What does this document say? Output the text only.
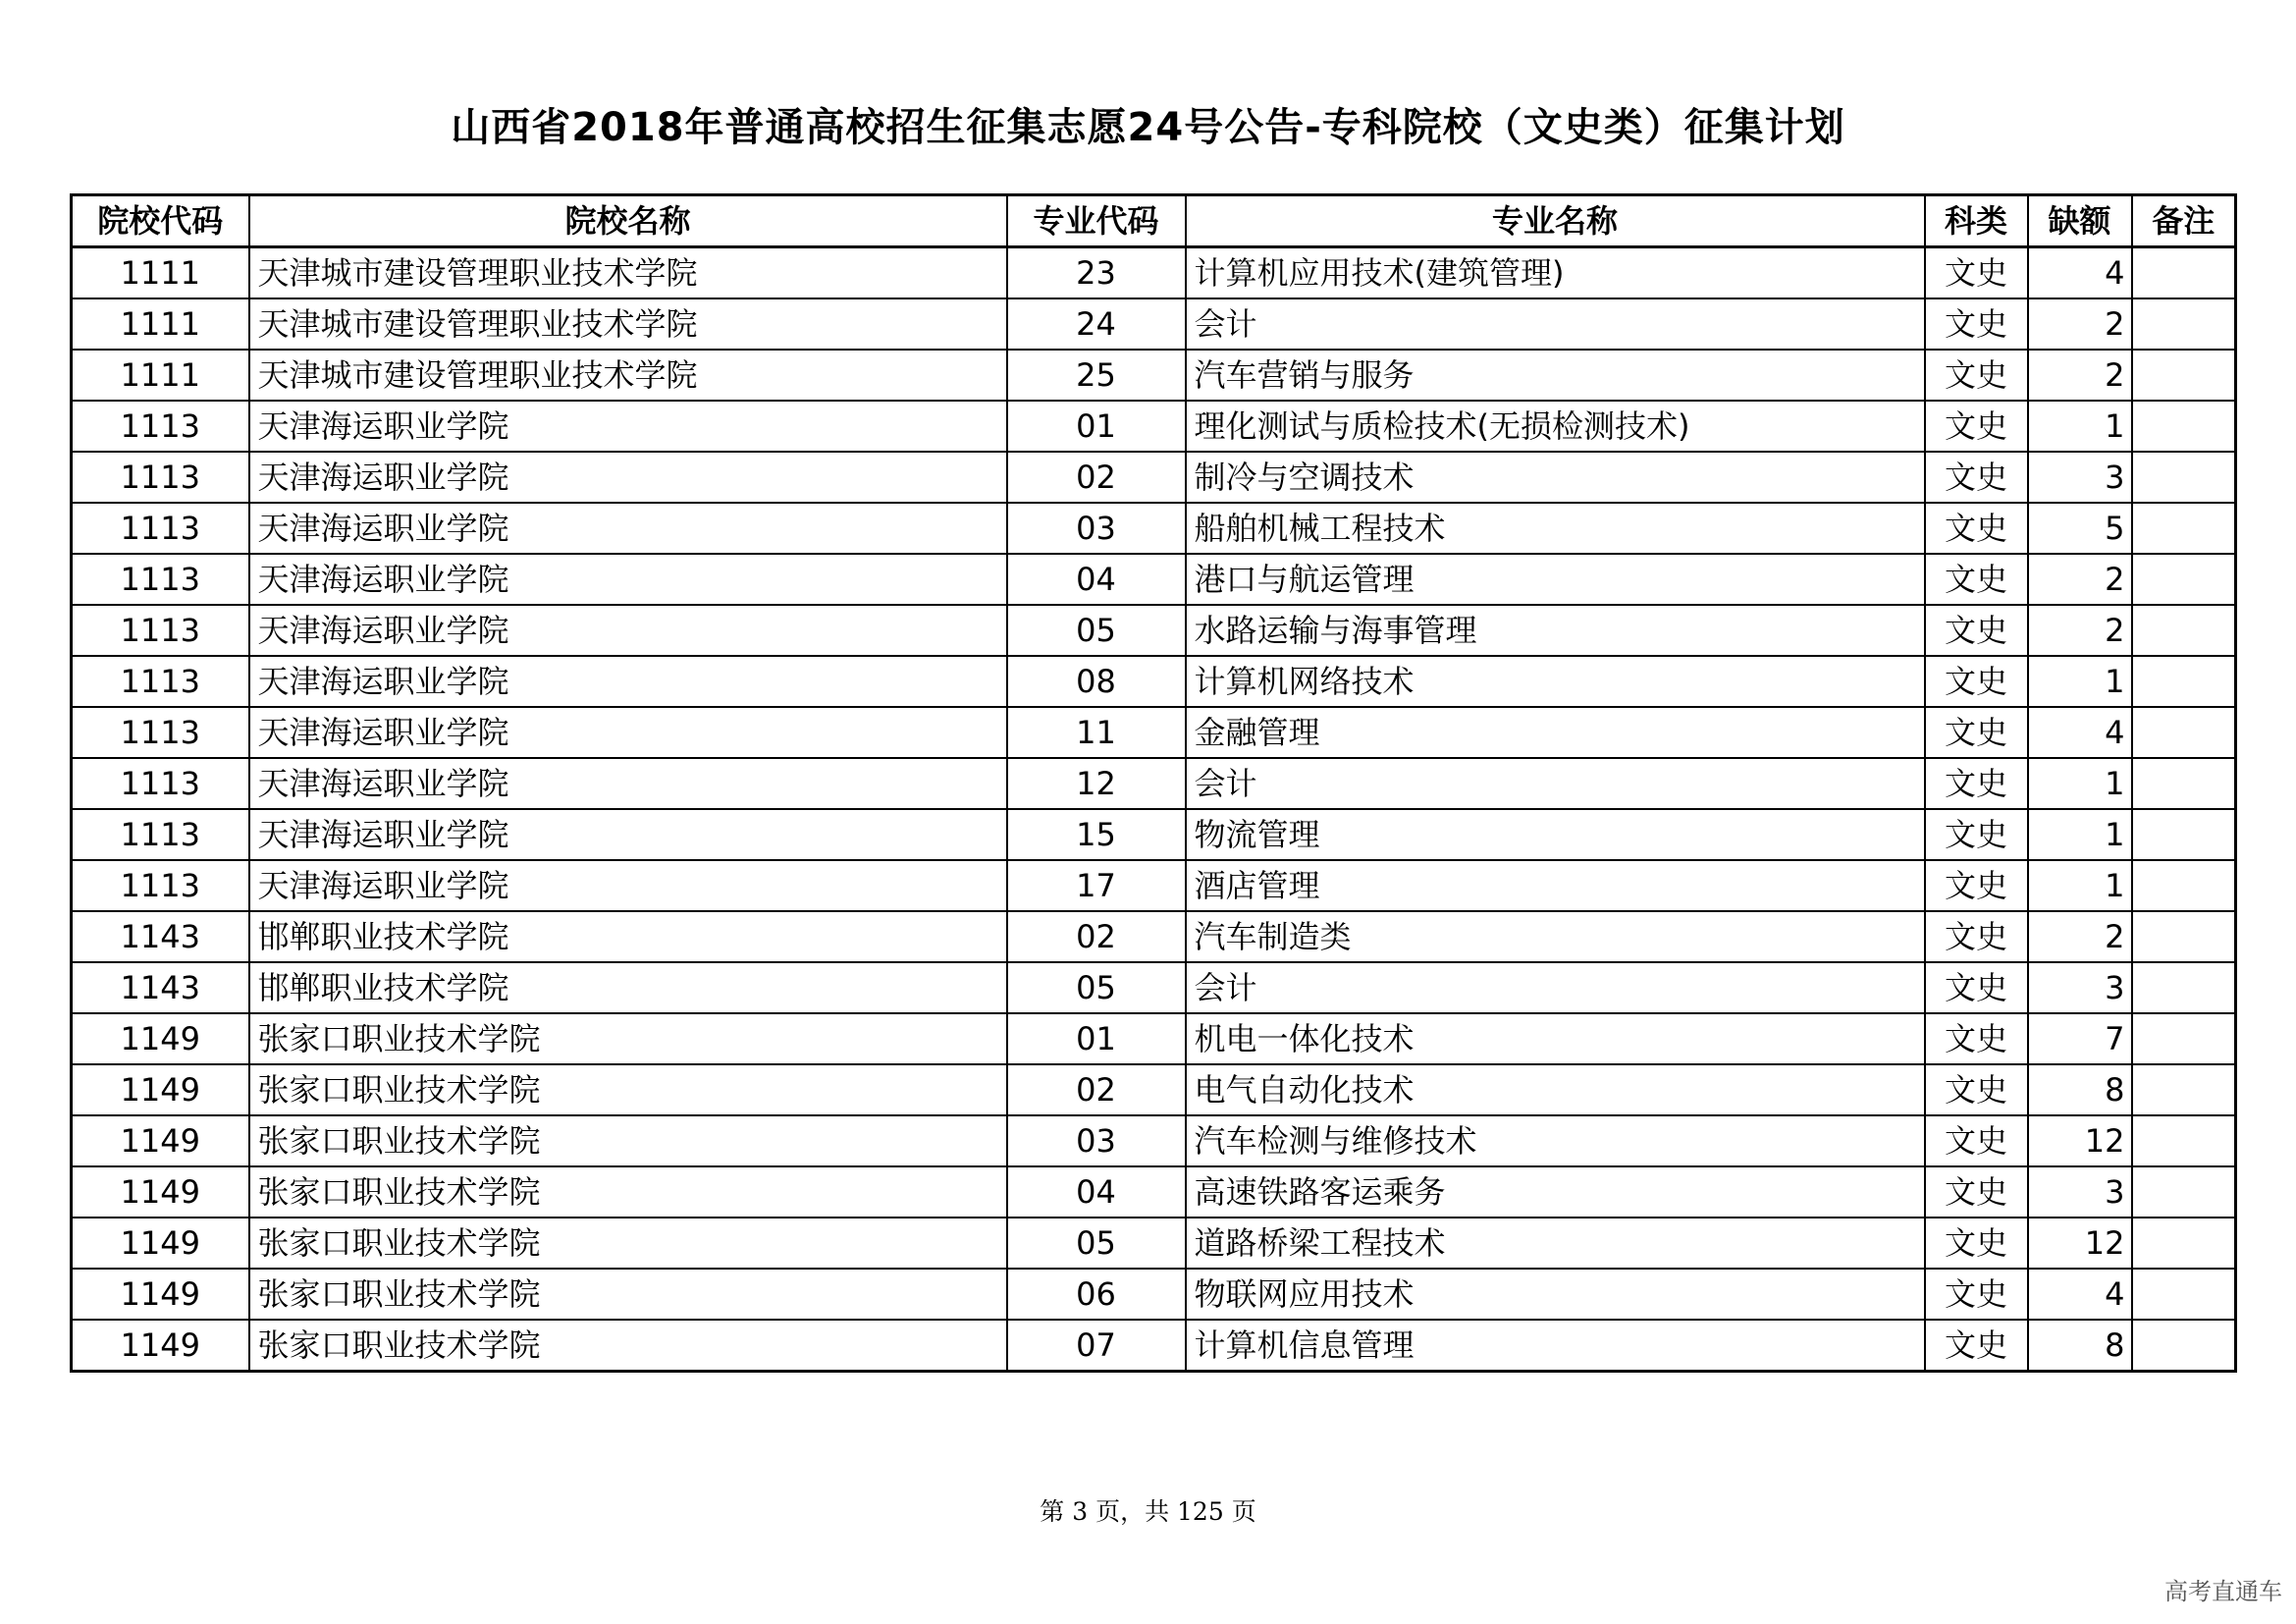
山西省2018年普通高校招生征集志愿24号公告-专科院校（文史类）征集计划
院校代码	院校名称	专业代码	专业名称	科类	缺额	备注
1111	天津城市建设管理职业技术学院	23	计算机应用技术(建筑管理)	文史	4	
1111	天津城市建设管理职业技术学院	24	会计	文史	2	
1111	天津城市建设管理职业技术学院	25	汽车营销与服务	文史	2	
1113	天津海运职业学院	01	理化测试与质检技术(无损检测技术)	文史	1	
1113	天津海运职业学院	02	制冷与空调技术	文史	3	
1113	天津海运职业学院	03	船舶机械工程技术	文史	5	
1113	天津海运职业学院	04	港口与航运管理	文史	2	
1113	天津海运职业学院	05	水路运输与海事管理	文史	2	
1113	天津海运职业学院	08	计算机网络技术	文史	1	
1113	天津海运职业学院	11	金融管理	文史	4	
1113	天津海运职业学院	12	会计	文史	1	
1113	天津海运职业学院	15	物流管理	文史	1	
1113	天津海运职业学院	17	酒店管理	文史	1	
1143	邯郸职业技术学院	02	汽车制造类	文史	2	
1143	邯郸职业技术学院	05	会计	文史	3	
1149	张家口职业技术学院	01	机电一体化技术	文史	7	
1149	张家口职业技术学院	02	电气自动化技术	文史	8	
1149	张家口职业技术学院	03	汽车检测与维修技术	文史	12	
1149	张家口职业技术学院	04	高速铁路客运乘务	文史	3	
1149	张家口职业技术学院	05	道路桥梁工程技术	文史	12	
1149	张家口职业技术学院	06	物联网应用技术	文史	4	
1149	张家口职业技术学院	07	计算机信息管理	文史	8	
第 3 页，共 125 页
高考直通车
